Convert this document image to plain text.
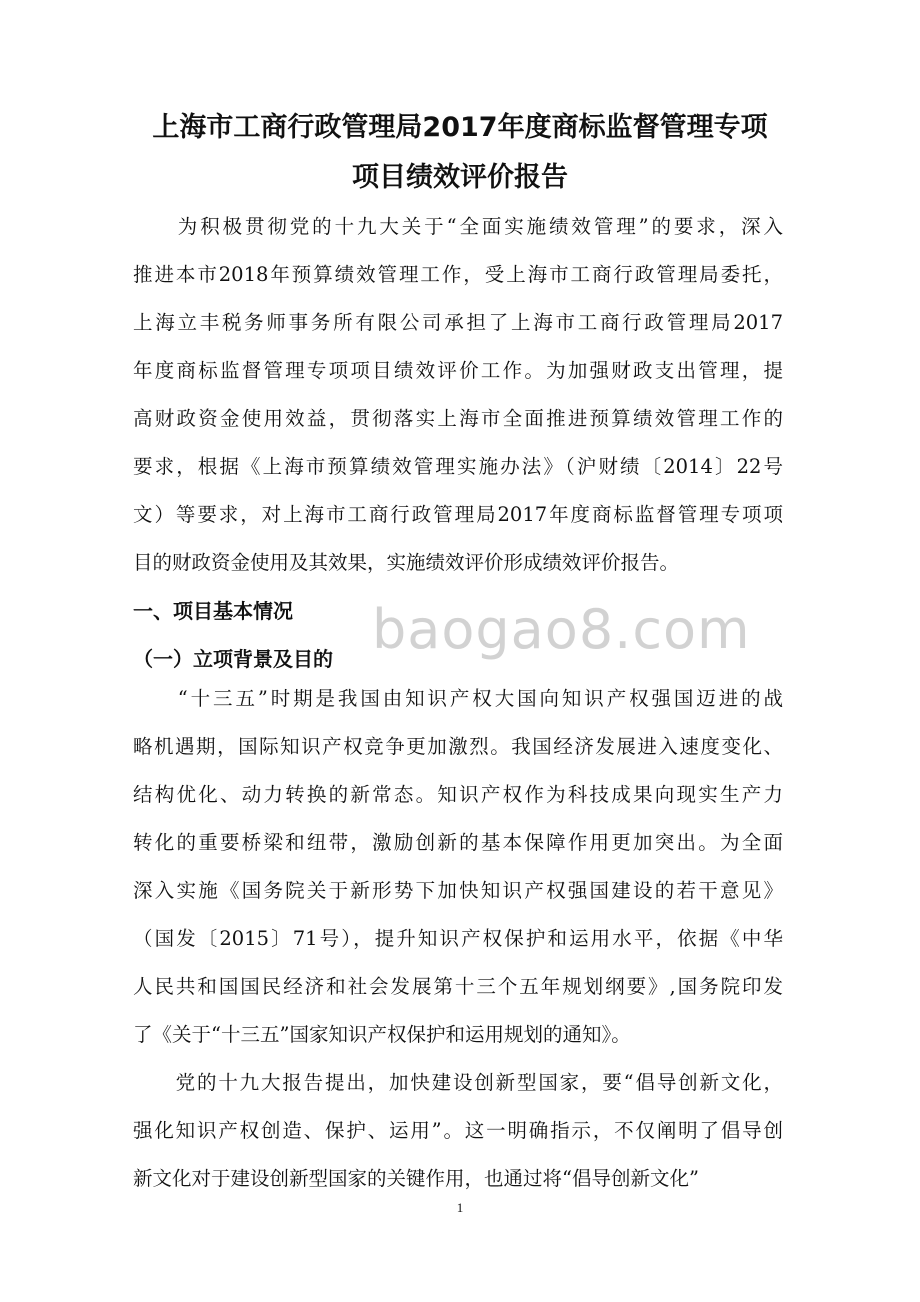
上海市工商行政管理局2017年度商标监督管理专项
项目绩效评价报告
　　为积极贯彻党的十九大关于“全面实施绩效管理”的要求，深入
推进本市2018年预算绩效管理工作，受上海市工商行政管理局委托，
上海立丰税务师事务所有限公司承担了上海市工商行政管理局2017
年度商标监督管理专项项目绩效评价工作。为加强财政支出管理，提
高财政资金使用效益，贯彻落实上海市全面推进预算绩效管理工作的
要求，根据《上海市预算绩效管理实施办法》（沪财绩〔2014〕22号
文）等要求，对上海市工商行政管理局2017年度商标监督管理专项项
目的财政资金使用及其效果，实施绩效评价形成绩效评价报告。
baogao8.com
一、项目基本情况
（一）立项背景及目的
　　“十三五”时期是我国由知识产权大国向知识产权强国迈进的战
略机遇期，国际知识产权竞争更加激烈。我国经济发展进入速度变化、
结构优化、动力转换的新常态。知识产权作为科技成果向现实生产力
转化的重要桥梁和纽带，激励创新的基本保障作用更加突出。为全面
深入实施《国务院关于新形势下加快知识产权强国建设的若干意见》
（国发〔2015〕71号），提升知识产权保护和运用水平，依据《中华
人民共和国国民经济和社会发展第十三个五年规划纲要》,国务院印发
了《关于“十三五”国家知识产权保护和运用规划的通知》。
　　党的十九大报告提出，加快建设创新型国家，要“倡导创新文化，
强化知识产权创造、保护、运用”。这一明确指示，不仅阐明了倡导创
新文化对于建设创新型国家的关键作用，也通过将“倡导创新文化”
1
